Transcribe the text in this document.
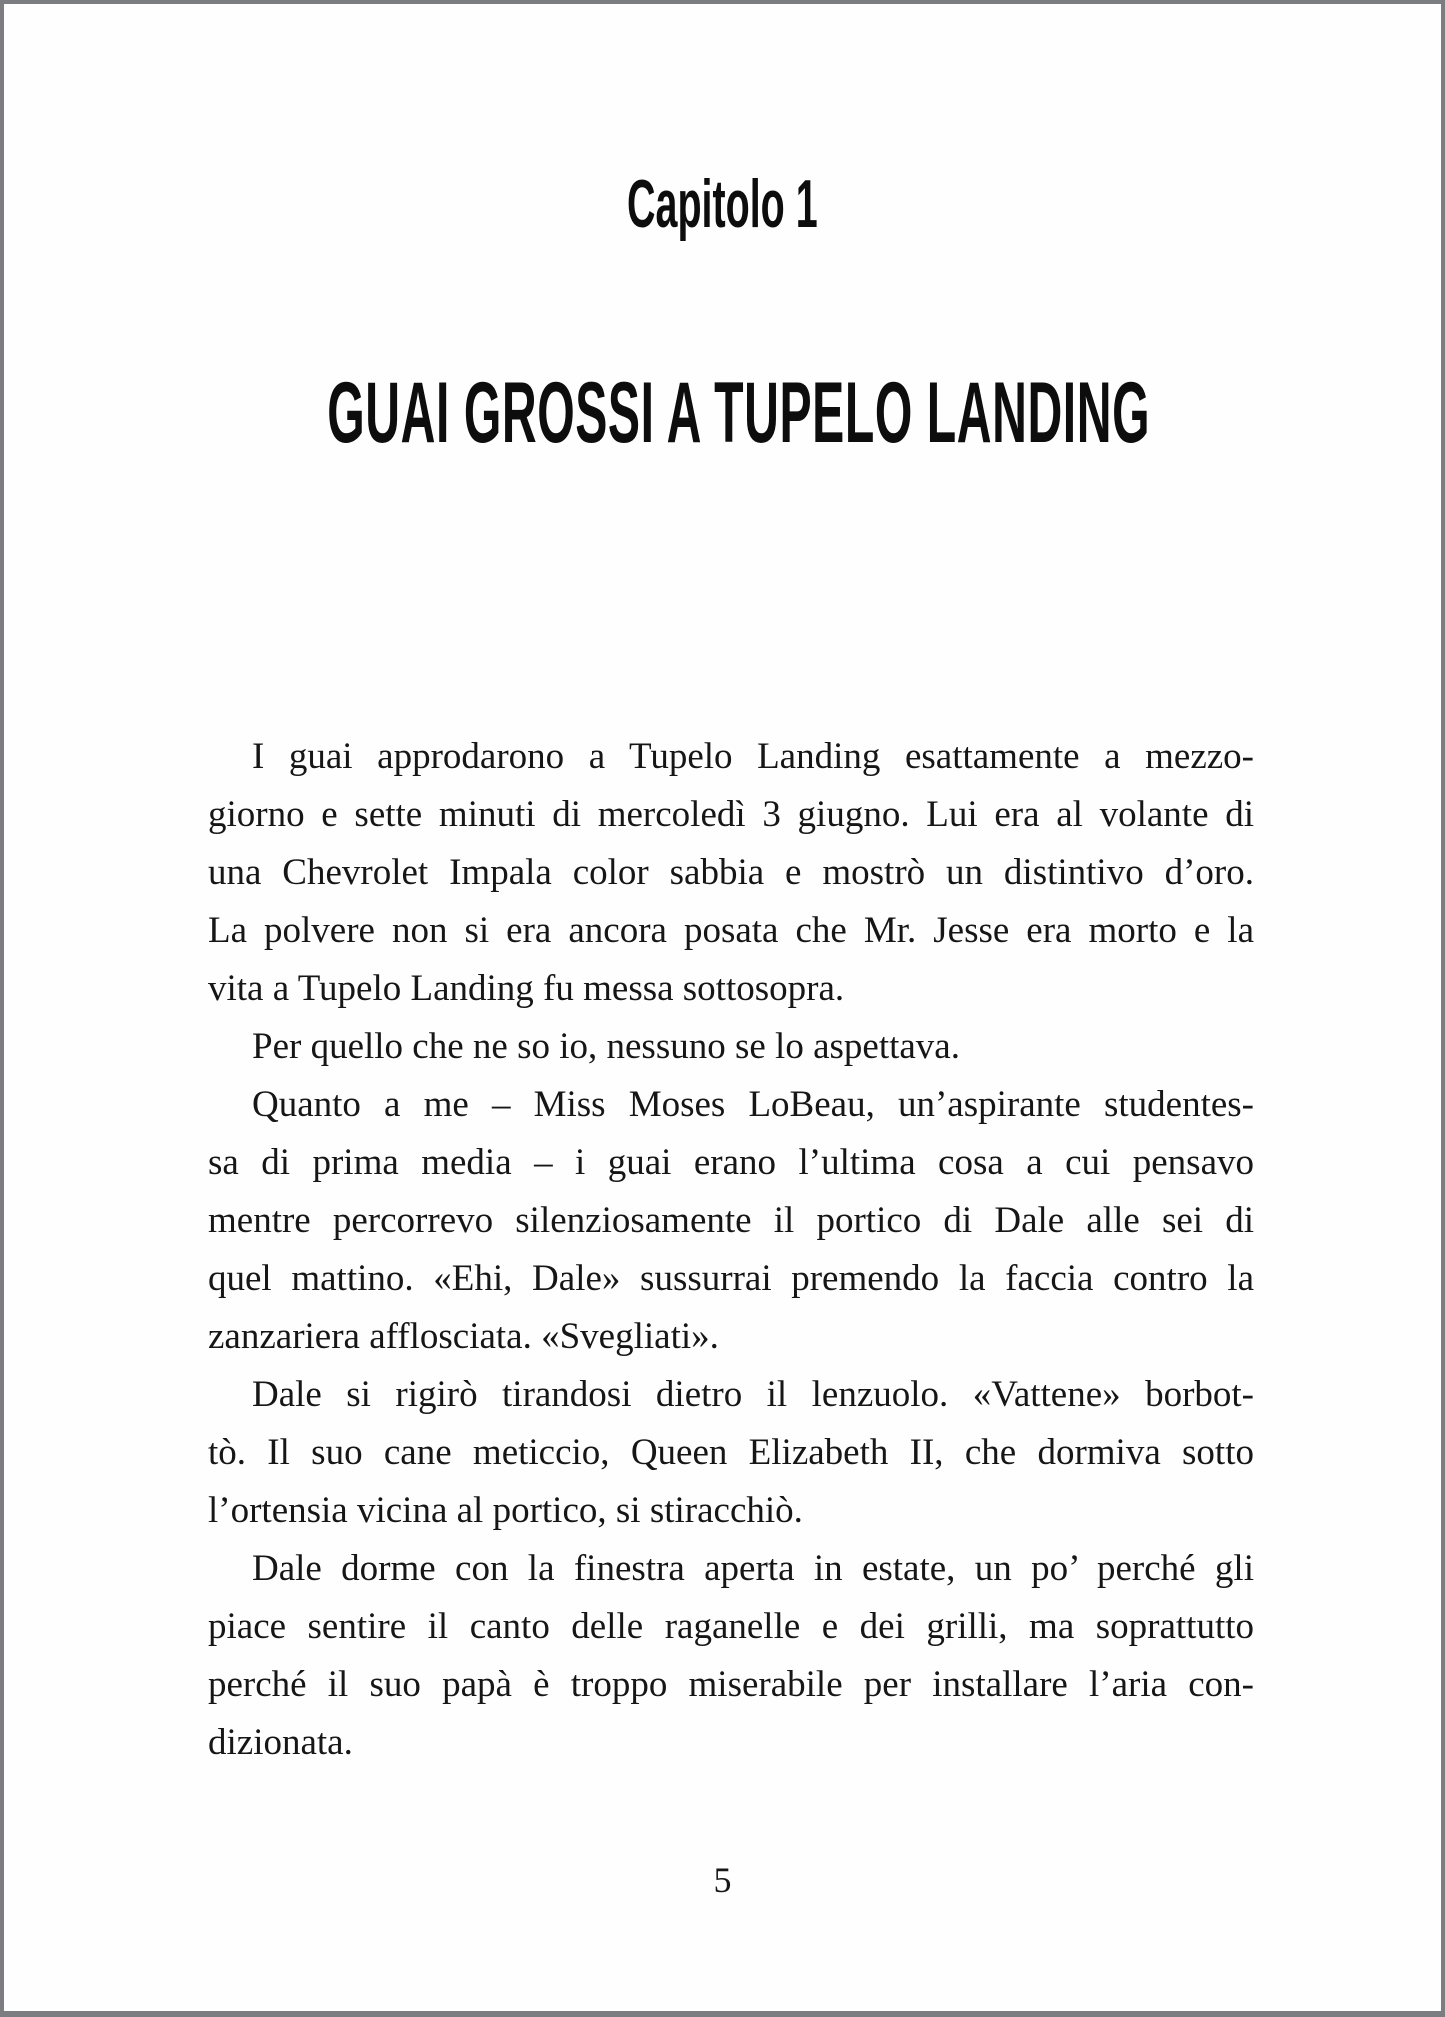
Capitolo 1
GUAI GROSSI A TUPELO LANDING
I guai approdarono a Tupelo Landing esattamente a mezzo-
giorno e sette minuti di mercoledì 3 giugno. Lui era al volante di
una Chevrolet Impala color sabbia e mostrò un distintivo d’oro.
La polvere non si era ancora posata che Mr. Jesse era morto e la
vita a Tupelo Landing fu messa sottosopra.
Per quello che ne so io, nessuno se lo aspettava.
Quanto a me – Miss Moses LoBeau, un’aspirante studentes-
sa di prima media – i guai erano l’ultima cosa a cui pensavo
mentre percorrevo silenziosamente il portico di Dale alle sei di
quel mattino. «Ehi, Dale» sussurrai premendo la faccia contro la
zanzariera afflosciata. «Svegliati».
Dale si rigirò tirandosi dietro il lenzuolo. «Vattene» borbot-
tò. Il suo cane meticcio, Queen Elizabeth II, che dormiva sotto
l’ortensia vicina al portico, si stiracchiò.
Dale dorme con la finestra aperta in estate, un po’ perché gli
piace sentire il canto delle raganelle e dei grilli, ma soprattutto
perché il suo papà è troppo miserabile per installare l’aria con-
dizionata.
5
